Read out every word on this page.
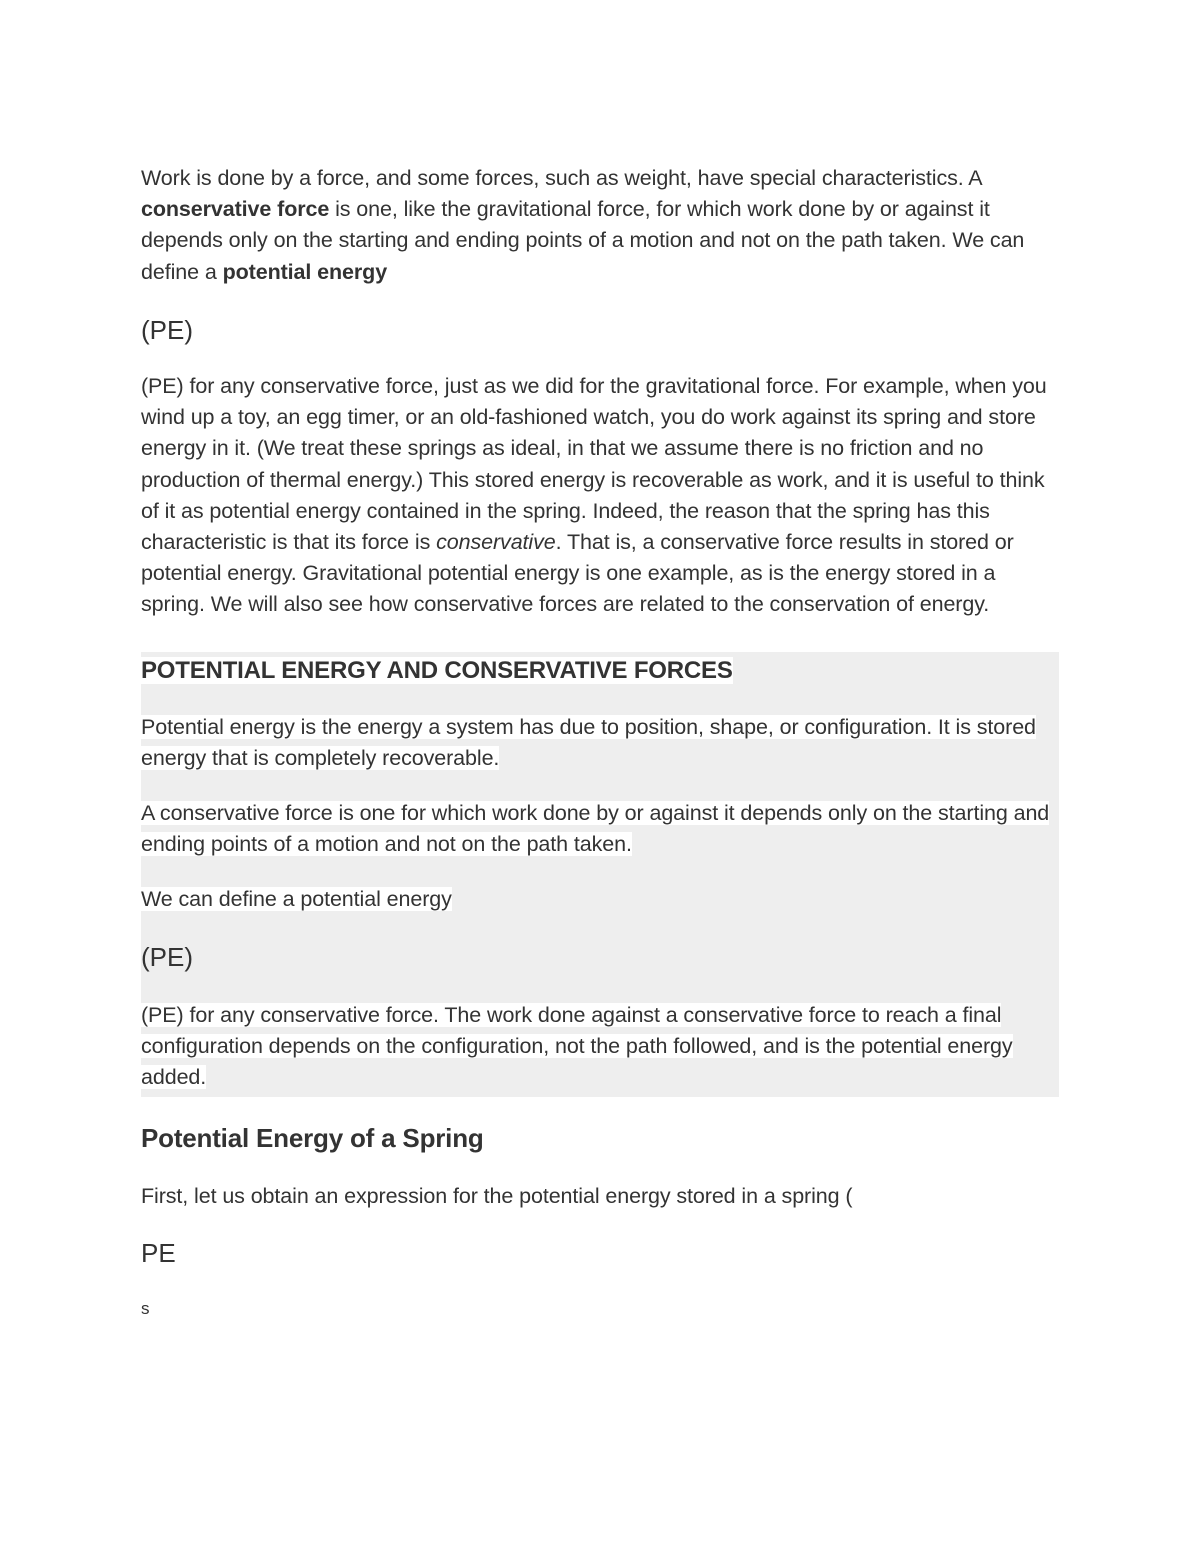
Work is done by a force, and some forces, such as weight, have special characteristics. A conservative force is one, like the gravitational force, for which work done by or against it depends only on the starting and ending points of a motion and not on the path taken. We can define a potential energy

(PE)

(PE) for any conservative force, just as we did for the gravitational force. For example, when you wind up a toy, an egg timer, or an old-fashioned watch, you do work against its spring and store energy in it. (We treat these springs as ideal, in that we assume there is no friction and no production of thermal energy.) This stored energy is recoverable as work, and it is useful to think of it as potential energy contained in the spring. Indeed, the reason that the spring has this characteristic is that its force is conservative. That is, a conservative force results in stored or potential energy. Gravitational potential energy is one example, as is the energy stored in a spring. We will also see how conservative forces are related to the conservation of energy.

POTENTIAL ENERGY AND CONSERVATIVE FORCES

Potential energy is the energy a system has due to position, shape, or configuration. It is stored energy that is completely recoverable.

A conservative force is one for which work done by or against it depends only on the starting and ending points of a motion and not on the path taken.

We can define a potential energy

(PE)

(PE) for any conservative force. The work done against a conservative force to reach a final configuration depends on the configuration, not the path followed, and is the potential energy added.

Potential Energy of a Spring

First, let us obtain an expression for the potential energy stored in a spring (

PE
s
